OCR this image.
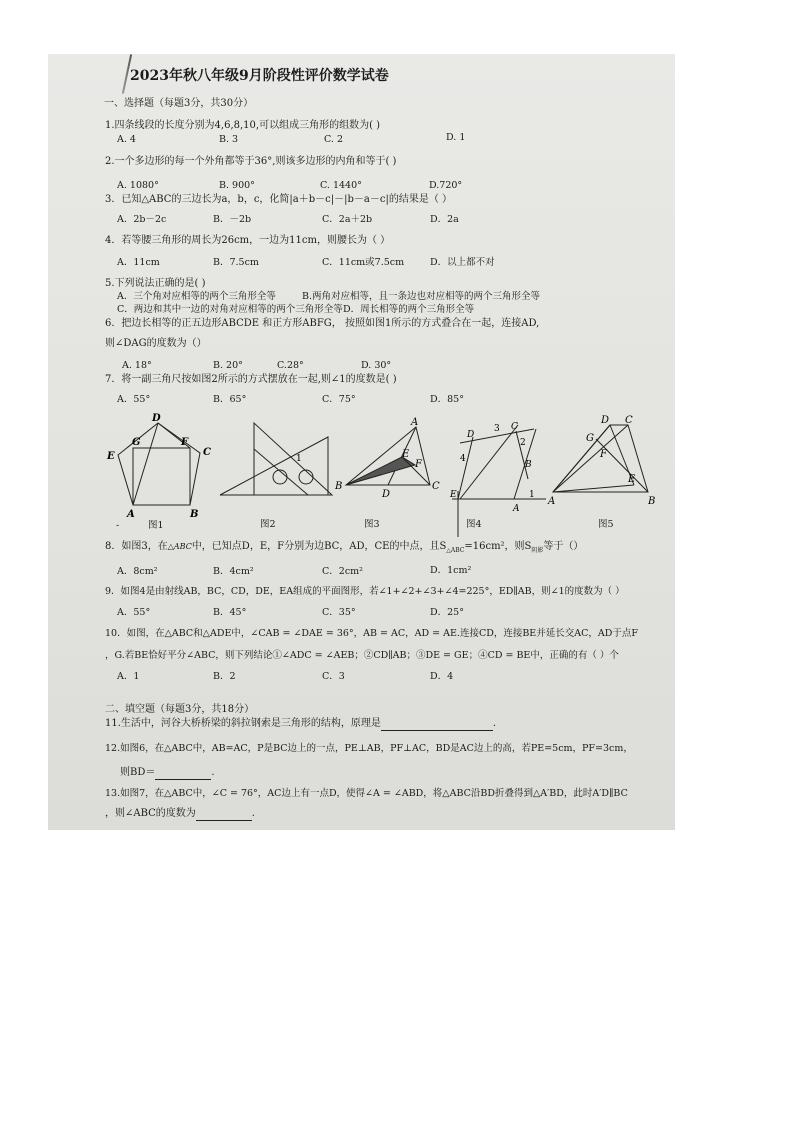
2023年秋八年级9月阶段性评价数学试卷
一、选择题（每题3分，共30分）
1.四条线段的长度分别为4,6,8,10,可以组成三角形的组数为( )
A. 4	B. 3	C. 2	D. 1
2.一个多边形的每一个外角都等于36°,则该多边形的内角和等于( )
A. 1080°	B. 900°	C. 1440°	D.720°
3．已知△ABC的三边长为a，b，c，化简|a＋b－c|－|b－a－c|的结果是（ ）
A．2b－2c	B．－2b	C．2a＋2b	D．2a
4．若等腰三角形的周长为26cm，一边为11cm，则腰长为（ ）
A．11cm	B．7.5cm	C．11cm或7.5cm	D．以上都不对
5.下列说法正确的是( )
A．三个角对应相等的两个三角形全等	B.两角对应相等，且一条边也对应相等的两个三角形全等
C．两边和其中一边的对角对应相等的两个三角形全等 D．周长相等的两个三角形全等
6．把边长相等的正五边形ABCDE 和正方形ABFG， 按照如图1所示的方式叠合在一起，连接AD,
则∠DAG的度数为（）
A. 18°	B. 20°	C.28°	D. 30°
7．将一副三角尺按如图2所示的方式摆放在一起,则∠1的度数是( )
A．55°	B．65°	C．75°	D．85°
D
E
G	F
C
A	B
1
A
E
F
B
D
C
D
3 C
2
4
B
E
A
1
D C
G
F
E
A	B
-	图1	图2	图3	图4	图5
8．如图3，在△ABC中，已知点D，E，F分别为边BC，AD，CE的中点，且$S_{\triangle ABC}=16cm^2$，则$S_{阴影}$等于（）
A．8cm²	B．4cm²	C．2cm²	D．1cm²
9．如图4是由射线AB，BC，CD，DE，EA组成的平面图形，若∠1+∠2+∠3+∠4=225°，ED∥AB，则∠1的度数为（ ）
A．55°	B．45°	C．35°	D．25°
10．如图，在△ABC和△ADE中，∠CAB = ∠DAE = 36°，AB = AC，AD = AE.连接CD，连接BE并延长交AC，AD于点F
，G.若BE恰好平分∠ABC，则下列结论①∠ADC = ∠AEB；②CD∥AB；③DE = GE；④CD = BE中，正确的有（ ）个
A．1	B．2	C．3	D．4
二、填空题（每题3分，共18分）
11.生活中，河谷大桥桥梁的斜拉钢索是三角形的结构，原理是	.
12.如图6，在△ABC中，AB=AC，P是BC边上的一点，PE⊥AB，PF⊥AC，BD是AC边上的高，若PE=5cm，PF=3cm，
则BD＝	.
13.如图7，在△ABC中，∠C = 76°，AC边上有一点D，使得∠A = ∠ABD，将△ABC沿BD折叠得到△A′BD，此时A′D∥BC
，则∠ABC的度数为	.
